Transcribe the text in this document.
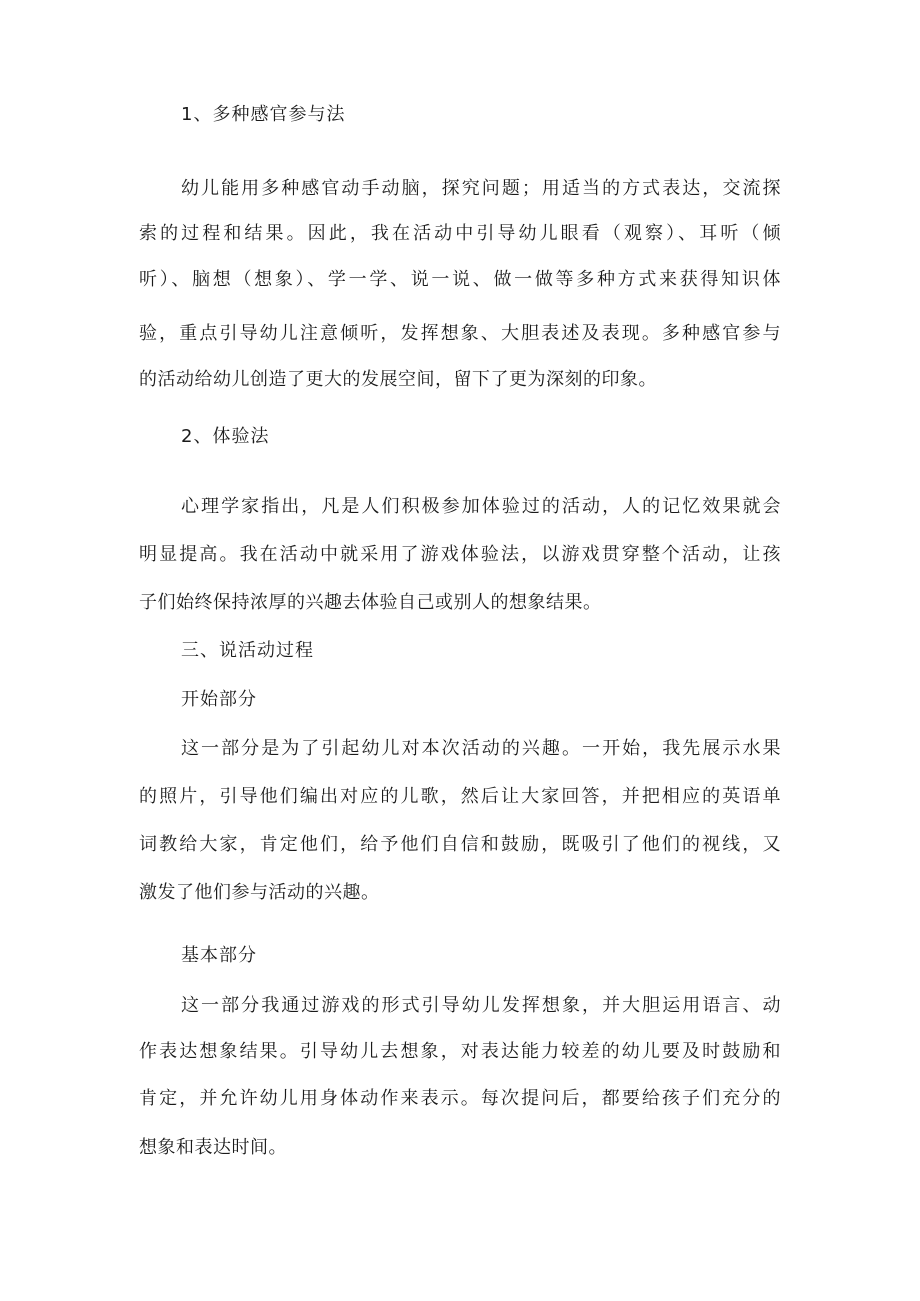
1、多种感官参与法
幼儿能用多种感官动手动脑，探究问题；用适当的方式表达，交流探
索的过程和结果。因此，我在活动中引导幼儿眼看（观察）、耳听（倾
听）、脑想（想象）、学一学、说一说、做一做等多种方式来获得知识体
验，重点引导幼儿注意倾听，发挥想象、大胆表述及表现。多种感官参与
的活动给幼儿创造了更大的发展空间，留下了更为深刻的印象。
2、体验法
心理学家指出，凡是人们积极参加体验过的活动，人的记忆效果就会
明显提高。我在活动中就采用了游戏体验法，以游戏贯穿整个活动，让孩
子们始终保持浓厚的兴趣去体验自己或别人的想象结果。
三、说活动过程
开始部分
这一部分是为了引起幼儿对本次活动的兴趣。一开始，我先展示水果
的照片，引导他们编出对应的儿歌，然后让大家回答，并把相应的英语单
词教给大家，肯定他们，给予他们自信和鼓励，既吸引了他们的视线，又
激发了他们参与活动的兴趣。
基本部分
这一部分我通过游戏的形式引导幼儿发挥想象，并大胆运用语言、动
作表达想象结果。引导幼儿去想象，对表达能力较差的幼儿要及时鼓励和
肯定，并允许幼儿用身体动作来表示。每次提问后，都要给孩子们充分的
想象和表达时间。
